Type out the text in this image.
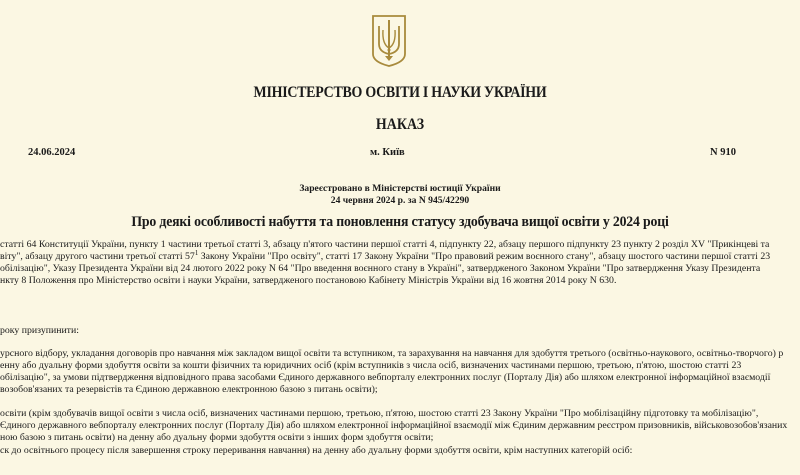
МІНІСТЕРСТВО ОСВІТИ І НАУКИ УКРАЇНИ
НАКАЗ
24.06.2024	м. Київ	N 910
Зареєстровано в Міністерстві юстиції України
24 червня 2024 р. за N 945/42290
Про деякі особливості набуття та поновлення статусу здобувача вищої освіти у 2024 році
статті 64 Конституції України, пункту 1 частини третьої статті 3, абзацу п'ятого частини першої статті 4, підпункту 22, абзацу першого підпункту 23 пункту 2 розділ XV "Прикінцеві та
віту", абзацу другого частини третьої статті $57^1$ Закону України "Про освіту", статті 17 Закону України "Про правовий режим воєнного стану", абзацу шостого частини першої статті 23
обілізацію", Указу Президента України від 24 лютого 2022 року N 64 "Про введення воєнного стану в Україні", затвердженого Законом України "Про затвердження Указу Президента
нкту 8 Положення про Міністерство освіти і науки України, затвердженого постановою Кабінету Міністрів України від 16 жовтня 2014 року N 630.
року призупинити:
урсного відбору, укладання договорів про навчання між закладом вищої освіти та вступником, та зарахування на навчання для здобуття третього (освітньо-наукового, освітньо-творчого) р
енну або дуальну форми здобуття освіти за кошти фізичних та юридичних осіб (крім вступників з числа осіб, визначених частинами першою, третьою, п'ятою, шостою статті 23
обілізацію", за умови підтвердження відповідного права засобами Єдиного державного вебпорталу електронних послуг (Порталу Дія) або шляхом електронної інформаційної взаємодії
возобов'язаних та резервістів та Єдиною державною електронною базою з питань освіти);
освіти (крім здобувачів вищої освіти з числа осіб, визначених частинами першою, третьою, п'ятою, шостою статті 23 Закону України "Про мобілізаційну підготовку та мобілізацію",
Єдиного державного вебпорталу електронних послуг (Порталу Дія) або шляхом електронної інформаційної взаємодії між Єдиним державним реєстром призовників, військовозобов'язаних
ною базою з питань освіти) на денну або дуальну форми здобуття освіти з інших форм здобуття освіти;
ск до освітнього процесу після завершення строку переривання навчання) на денну або дуальну форми здобуття освіти, крім наступних категорій осіб:
